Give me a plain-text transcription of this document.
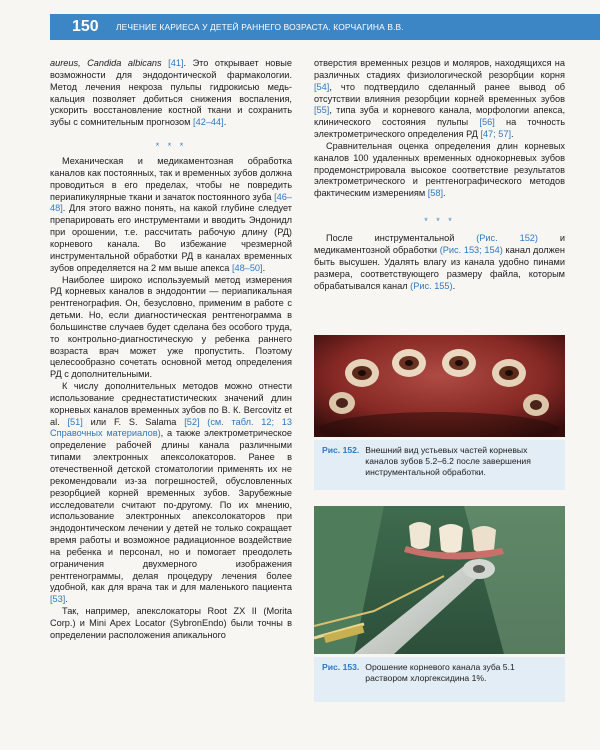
150	ЛЕЧЕНИЕ КАРИЕСА У ДЕТЕЙ РАННЕГО ВОЗРАСТА. КОРЧАГИНА В.В.

aureus, Candida albicans [41]. Это открывает новые возможности для эндодонтической фармакологии. Метод лечения некроза пульпы гидрокисью медь-кальция позволяет добиться снижения воспаления, ускорить восстановление костной ткани и сохранить зубы с сомнительным прогнозом [42–44].

* * *

Механическая и медикаментозная обработка каналов как постоянных, так и временных зубов должна проводиться в его пределах, чтобы не повредить периапикулярные ткани и зачаток постоянного зуба [46–48]. Для этого важно понять, на какой глубине следует препарировать его инструментами и вводить Эндонидл при орошении, т.е. рассчитать рабочую длину (РД) корневого канала. Во избежание чрезмерной инструментальной обработки РД в каналах временных зубов определяется на 2 мм выше апекса [48–50].

Наиболее широко используемый метод измерения РД корневых каналов в эндодонтии — периапикальная рентгенография. Он, безусловно, применим в работе с детьми. Но, если диагностическая рентгенограмма в большинстве случаев будет сделана без особого труда, то контрольно-диагностическую у ребенка раннего возраста врач может уже пропустить. Поэтому целесообразно сочетать основной метод определения РД с дополнительными.

К числу дополнительных методов можно отнести использование среднестатистических значений длин корневых каналов временных зубов по В. К. Bercovitz et al. [51] или F. S. Salama [52] (см. табл. 12; 13 Справочных материалов), а также электрометрическое определение рабочей длины канала различными типами электронных апексолокаторов. Ранее в отечественной детской стоматологии применять их не рекомендовали из-за погрешностей, обусловленных резорбцией корней временных зубов. Зарубежные исследователи считают по-другому. По их мнению, использование электронных апексолокаторов при эндодонтическом лечении у детей не только сокращает время работы и возможное радиационное воздействие на ребенка и персонал, но и помогает преодолеть ограничения двухмерного изображения рентгенограммы, делая процедуру лечения более удобной, как для врача так и для маленького пациента [53].

Так, например, апекслокаторы Root ZX II (Morita Corp.) и Mini Apex Locator (SybronEndo) были точны в определении расположения апикального

отверстия временных резцов и моляров, находящихся на различных стадиях физиологической резорбции корня [54], что подтвердило сделанный ранее вывод об отсутствии влияния резорбции корней временных зубов [55], типа зуба и корневого канала, морфологии апекса, клинического состояния пульпы [56] на точность электрометрического определения РД [47; 57].

Сравнительная оценка определения длин корневых каналов 100 удаленных временных однокорневых зубов продемонстрировала высокое соответствие результатов электрометрического и рентгенографического методов фактическим измерениям [58].

* * *

После инструментальной (Рис. 152) и медикаментозной обработки (Рис. 153; 154) канал должен быть высушен. Удалять влагу из канала удобно пинами размера, соответствующего размеру файла, которым обрабатывался канал (Рис. 155).

Рис. 152. Внешний вид устьевых частей корневых каналов зубов 5.2–6.2 после завершения инструментальной обработки.
Рис. 153. Орошение корневого канала зуба 5.1 раствором хлоргексидина 1%.
